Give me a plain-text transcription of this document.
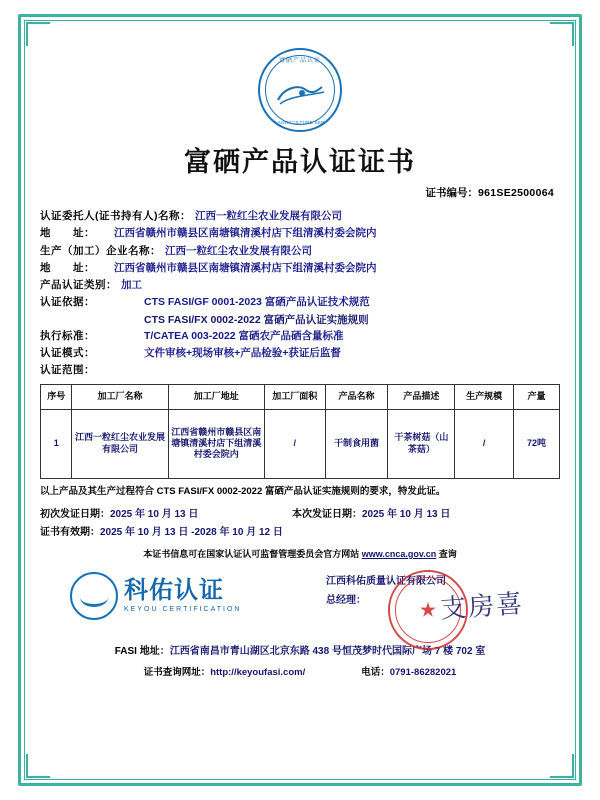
富硒产品认证
FXRT AGRICULTURE SERVICE
富硒产品认证证书
证书编号：961SE2500064
认证委托人(证书持有人)名称： 江西一粒红尘农业发展有限公司
地　　址：	江西省赣州市赣县区南塘镇清溪村店下组清溪村委会院内
生产（加工）企业名称： 江西一粒红尘农业发展有限公司
地　　址：	江西省赣州市赣县区南塘镇清溪村店下组清溪村委会院内
产品认证类别： 加工
认证依据：	CTS FASI/GF 0001-2023 富硒产品认证技术规范
CTS FASI/FX 0002-2022 富硒产品认证实施规则
执行标准：	T/CATEA 003-2022 富硒农产品硒含量标准
认证模式：	文件审核+现场审核+产品检验+获证后监督
认证范围：
序号	加工厂名称	加工厂地址	加工厂面积	产品名称	产品描述	生产规模	产量
1	江西一粒红尘农业发展有限公司	江西省赣州市赣县区南塘镇清溪村店下组清溪村委会院内	/	干制食用菌	干茶树菇（山茶菇）	/	72吨
以上产品及其生产过程符合 CTS FASI/FX 0002-2022 富硒产品认证实施规则的要求，特发此证。
初次发证日期：2025 年 10 月 13 日	本次发证日期：2025 年 10 月 13 日
证书有效期：2025 年 10 月 13 日 -2028 年 10 月 12 日
本证书信息可在国家认证认可监督管理委员会官方网站 www.cnca.gov.cn 查询
科佑认证
KEYOU CERTIFICATION
江西科佑质量认证有限公司
总经理：	★ 支房喜
FASI 地址：江西省南昌市青山湖区北京东路 438 号恒茂梦时代国际广场 7 楼 702 室
证书查询网址：http://keyoufasi.com/	电话：0791-86282021
